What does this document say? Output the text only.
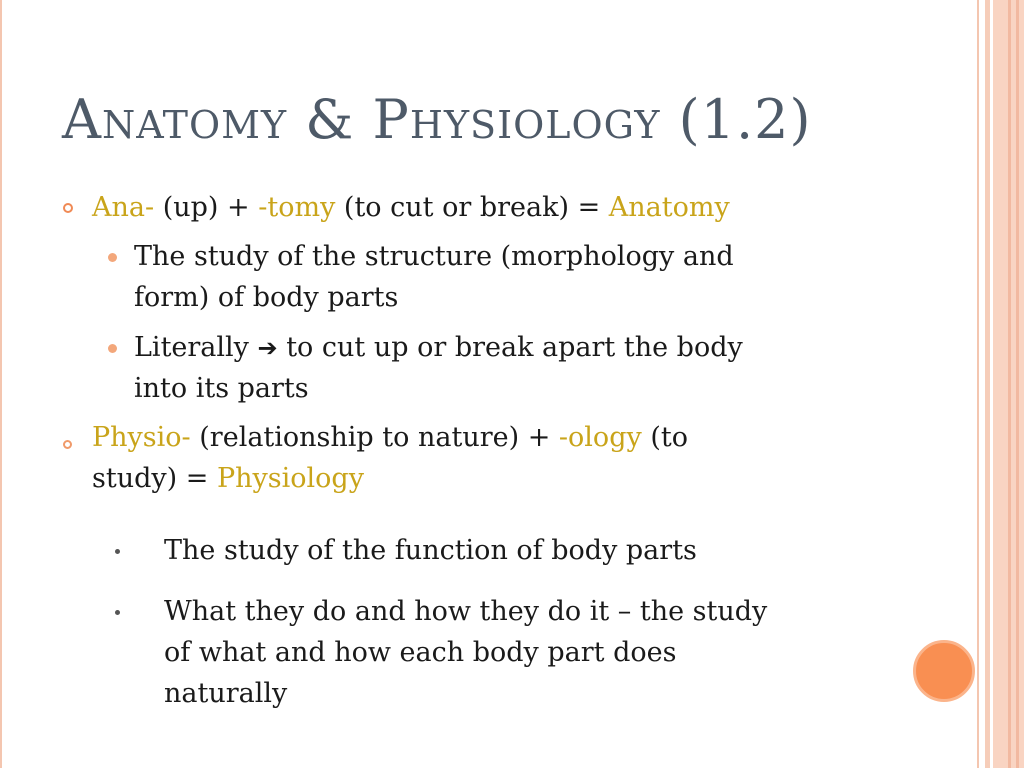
Anatomy & Physiology (1.2)

Ana- (up) + -tomy (to cut or break) = Anatomy

The study of the structure (morphology and

form) of body parts

Literally ➔ to cut up or break apart the body

into its parts

Physio- (relationship to nature) + -ology (to

study) = Physiology

The study of the function of body parts

What they do and how they do it – the study

of what and how each body part does

naturally
